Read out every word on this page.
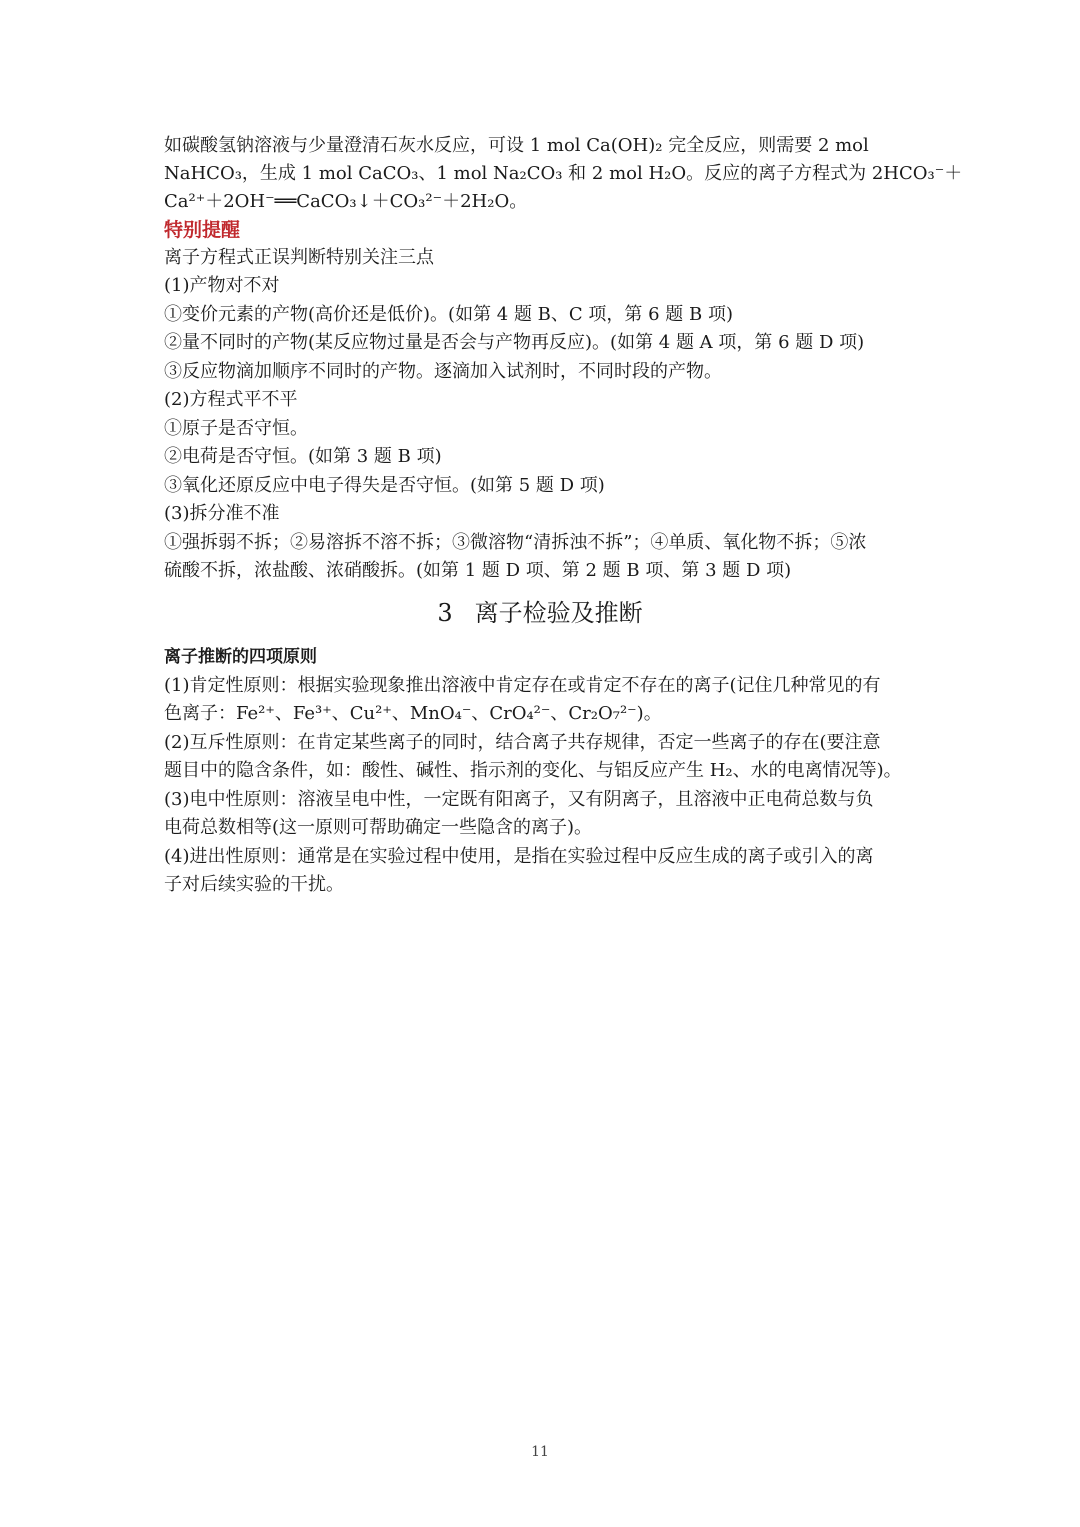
如碳酸氢钠溶液与少量澄清石灰水反应，可设 1 mol Ca(OH)₂ 完全反应，则需要 2 mol
NaHCO₃，生成 1 mol CaCO₃、1 mol Na₂CO₃ 和 2 mol H₂O。反应的离子方程式为 2HCO₃⁻＋
Ca²⁺＋2OH⁻══CaCO₃↓＋CO₃²⁻＋2H₂O。
特别提醒
离子方程式正误判断特别关注三点
(1)产物对不对
①变价元素的产物(高价还是低价)。(如第 4 题 B、C 项，第 6 题 B 项)
②量不同时的产物(某反应物过量是否会与产物再反应)。(如第 4 题 A 项，第 6 题 D 项)
③反应物滴加顺序不同时的产物。逐滴加入试剂时，不同时段的产物。
(2)方程式平不平
①原子是否守恒。
②电荷是否守恒。(如第 3 题 B 项)
③氧化还原反应中电子得失是否守恒。(如第 5 题 D 项)
(3)拆分准不准
①强拆弱不拆；②易溶拆不溶不拆；③微溶物“清拆浊不拆”；④单质、氧化物不拆；⑤浓
硫酸不拆，浓盐酸、浓硝酸拆。(如第 1 题 D 项、第 2 题 B 项、第 3 题 D 项)
3 离子检验及推断
离子推断的四项原则
(1)肯定性原则：根据实验现象推出溶液中肯定存在或肯定不存在的离子(记住几种常见的有
色离子：Fe²⁺、Fe³⁺、Cu²⁺、MnO₄⁻、CrO₄²⁻、Cr₂O₇²⁻)。
(2)互斥性原则：在肯定某些离子的同时，结合离子共存规律，否定一些离子的存在(要注意
题目中的隐含条件，如：酸性、碱性、指示剂的变化、与铝反应产生 H₂、水的电离情况等)。
(3)电中性原则：溶液呈电中性，一定既有阳离子，又有阴离子，且溶液中正电荷总数与负
电荷总数相等(这一原则可帮助确定一些隐含的离子)。
(4)进出性原则：通常是在实验过程中使用，是指在实验过程中反应生成的离子或引入的离
子对后续实验的干扰。
11
